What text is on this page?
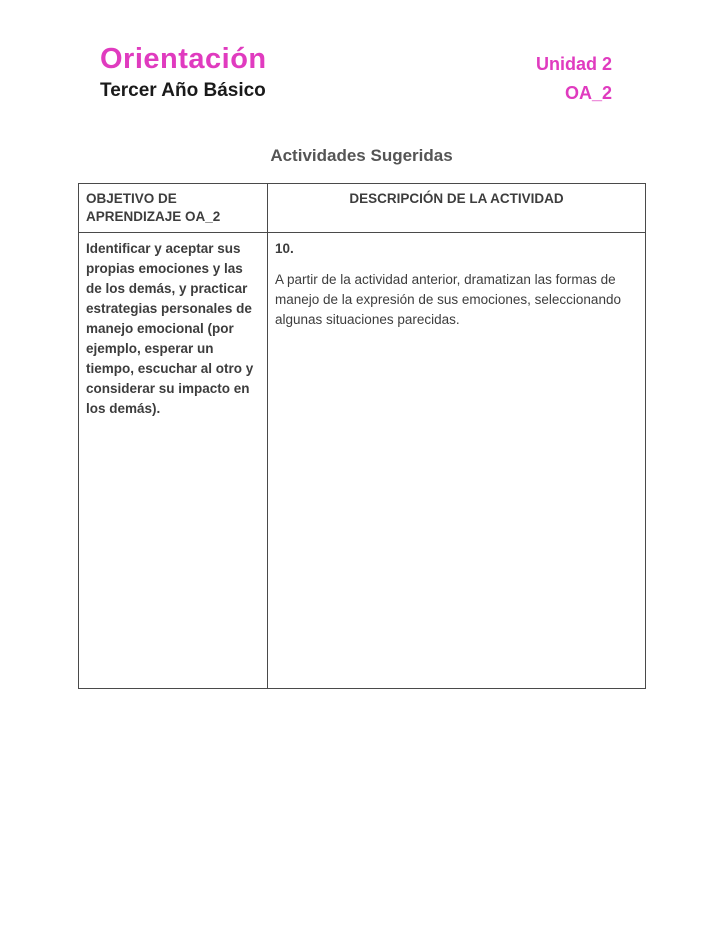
Orientación
Tercer Año Básico
Unidad 2
OA_2
Actividades Sugeridas
OBJETIVO DE APRENDIZAJE OA_2	DESCRIPCIÓN DE LA ACTIVIDAD
Identificar y aceptar sus propias emociones y las de los demás, y practicar estrategias personales de manejo emocional (por ejemplo, esperar un tiempo, escuchar al otro y considerar su impacto en los demás).	10.
A partir de la actividad anterior, dramatizan las formas de manejo de la expresión de sus emociones, seleccionando algunas situaciones parecidas.
